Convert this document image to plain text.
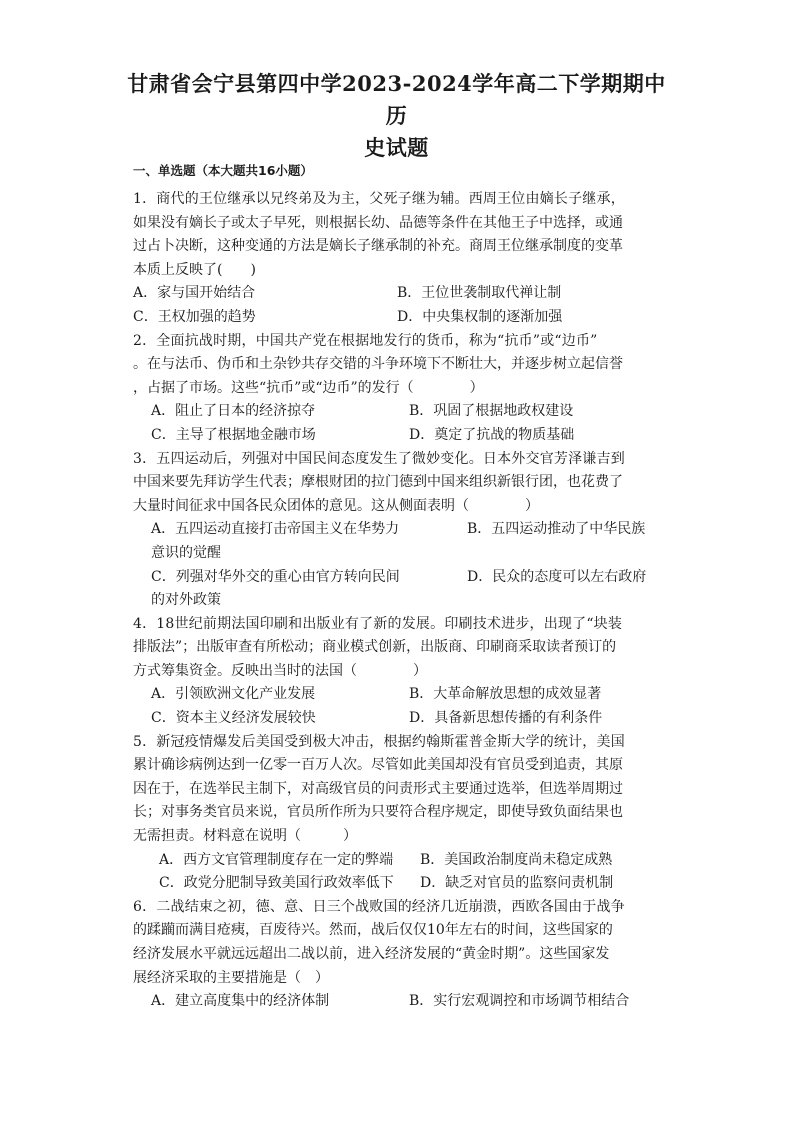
甘肃省会宁县第四中学2023-2024学年高二下学期期中历
史试题
一、单选题（本大题共16小题）
1．商代的王位继承以兄终弟及为主，父死子继为辅。西周王位由嫡长子继承，
如果没有嫡长子或太子早死，则根据长幼、品德等条件在其他王子中选择，或通
过占卜决断，这种变通的方法是嫡长子继承制的补充。商周王位继承制度的变革
本质上反映了(　　)
A．家与国开始结合	B．王位世袭制取代禅让制
C．王权加强的趋势	D．中央集权制的逐渐加强
2．全面抗战时期，中国共产党在根据地发行的货币，称为“抗币”或“边币”
。在与法币、伪币和土杂钞共存交错的斗争环境下不断壮大，并逐步树立起信誉
，占据了市场。这些“抗币”或“边币”的发行（　　　　）
A．阻止了日本的经济掠夺	B．巩固了根据地政权建设
C．主导了根据地金融市场	D．奠定了抗战的物质基础
3．五四运动后，列强对中国民间态度发生了微妙变化。日本外交官芳泽谦吉到
中国来要先拜访学生代表；摩根财团的拉门德到中国来组织新银行团，也花费了
大量时间征求中国各民众团体的意见。这从侧面表明（　　　　）
A．五四运动直接打击帝国主义在华势力	B．五四运动推动了中华民族
意识的觉醒
C．列强对华外交的重心由官方转向民间	D．民众的态度可以左右政府
的对外政策
4．18世纪前期法国印刷和出版业有了新的发展。印刷技术进步，出现了“块装
排版法”；出版审查有所松动；商业模式创新，出版商、印刷商采取读者预订的
方式筹集资金。反映出当时的法国（　　　　）
A．引领欧洲文化产业发展	B．大革命解放思想的成效显著
C．资本主义经济发展较快	D．具备新思想传播的有利条件
5．新冠疫情爆发后美国受到极大冲击，根据约翰斯霍普金斯大学的统计，美国
累计确诊病例达到一亿零一百万人次。尽管如此美国却没有官员受到追责，其原
因在于，在选举民主制下，对高级官员的问责形式主要通过选举，但选举周期过
长；对事务类官员来说，官员所作所为只要符合程序规定，即使导致负面结果也
无需担责。材料意在说明（　　　）
A．西方文官管理制度存在一定的弊端 B．美国政治制度尚未稳定成熟
C．政党分肥制导致美国行政效率低下 D．缺乏对官员的监察问责机制
6．二战结束之初，德、意、日三个战败国的经济几近崩溃，西欧各国由于战争
的蹂躏而满目疮痍，百废待兴。然而，战后仅仅10年左右的时间，这些国家的
经济发展水平就远远超出二战以前，进入经济发展的“黄金时期”。这些国家发
展经济采取的主要措施是（　）
A．建立高度集中的经济体制	B．实行宏观调控和市场调节相结合
